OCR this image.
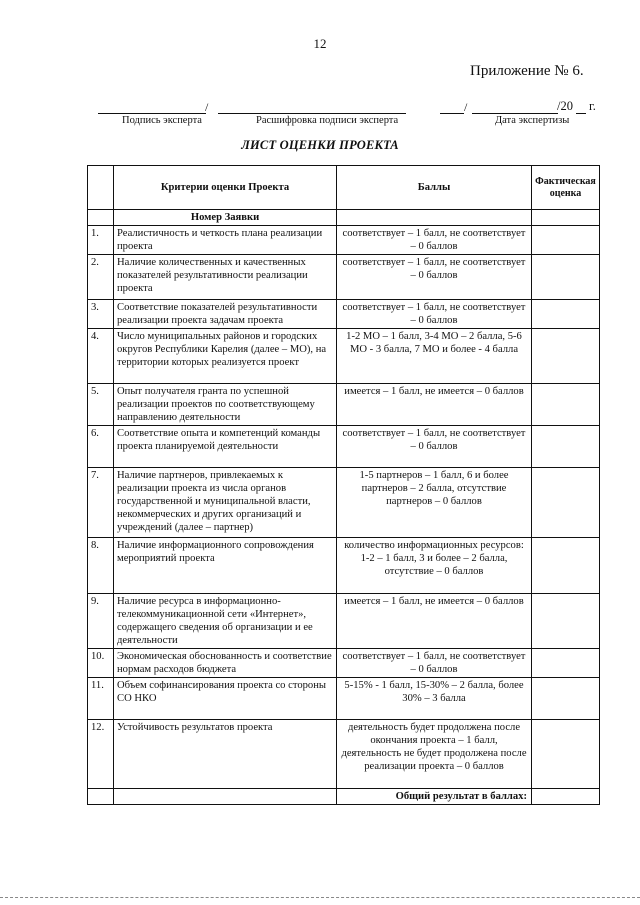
12
Приложение № 6.
/	/	/20 г.
Подпись эксперта	Расшифровка подписи эксперта	Дата экспертизы
ЛИСТ ОЦЕНКИ ПРОЕКТА
	Критерии оценки Проекта	Баллы	Фактическая оценка
	Номер Заявки		
1.	Реалистичность и четкость плана реализации проекта	соответствует – 1 балл, не соответствует – 0 баллов	
2.	Наличие количественных и качественных показателей результативности реализации проекта	соответствует – 1 балл, не соответствует – 0 баллов	
3.	Соответствие показателей результативности реализации проекта задачам проекта	соответствует – 1 балл, не соответствует – 0 баллов	
4.	Число муниципальных районов и городских округов Республики Карелия (далее – МО), на территории которых реализуется проект	1-2 МО – 1 балл, 3-4 МО – 2 балла, 5-6 МО - 3 балла, 7 МО и более - 4 балла	
5.	Опыт получателя гранта по успешной реализации проектов по соответствующему направлению деятельности	имеется – 1 балл, не имеется – 0 баллов	
6.	Соответствие опыта и компетенций команды проекта планируемой деятельности	соответствует – 1 балл, не соответствует – 0 баллов	
7.	Наличие партнеров, привлекаемых к реализации проекта из числа органов государственной и муниципальной власти, некоммерческих и других организаций и учреждений (далее – партнер)	1-5 партнеров – 1 балл, 6 и более партнеров – 2 балла, отсутствие партнеров – 0 баллов	
8.	Наличие информационного сопровождения мероприятий проекта	количество информационных ресурсов: 1-2 – 1 балл, 3 и более – 2 балла, отсутствие – 0 баллов	
9.	Наличие ресурса в информационно-телекоммуникационной сети «Интернет», содержащего сведения об организации и ее деятельности	имеется – 1 балл, не имеется – 0 баллов	
10.	Экономическая обоснованность и соответствие нормам расходов бюджета	соответствует – 1 балл, не соответствует – 0 баллов	
11.	Объем софинансирования проекта со стороны СО НКО	5-15% - 1 балл, 15-30% – 2 балла, более 30% – 3 балла	
12.	Устойчивость результатов проекта	деятельность будет продолжена после окончания проекта – 1 балл, деятельность не будет продолжена после реализации проекта – 0 баллов	
		Общий результат в баллах:	
